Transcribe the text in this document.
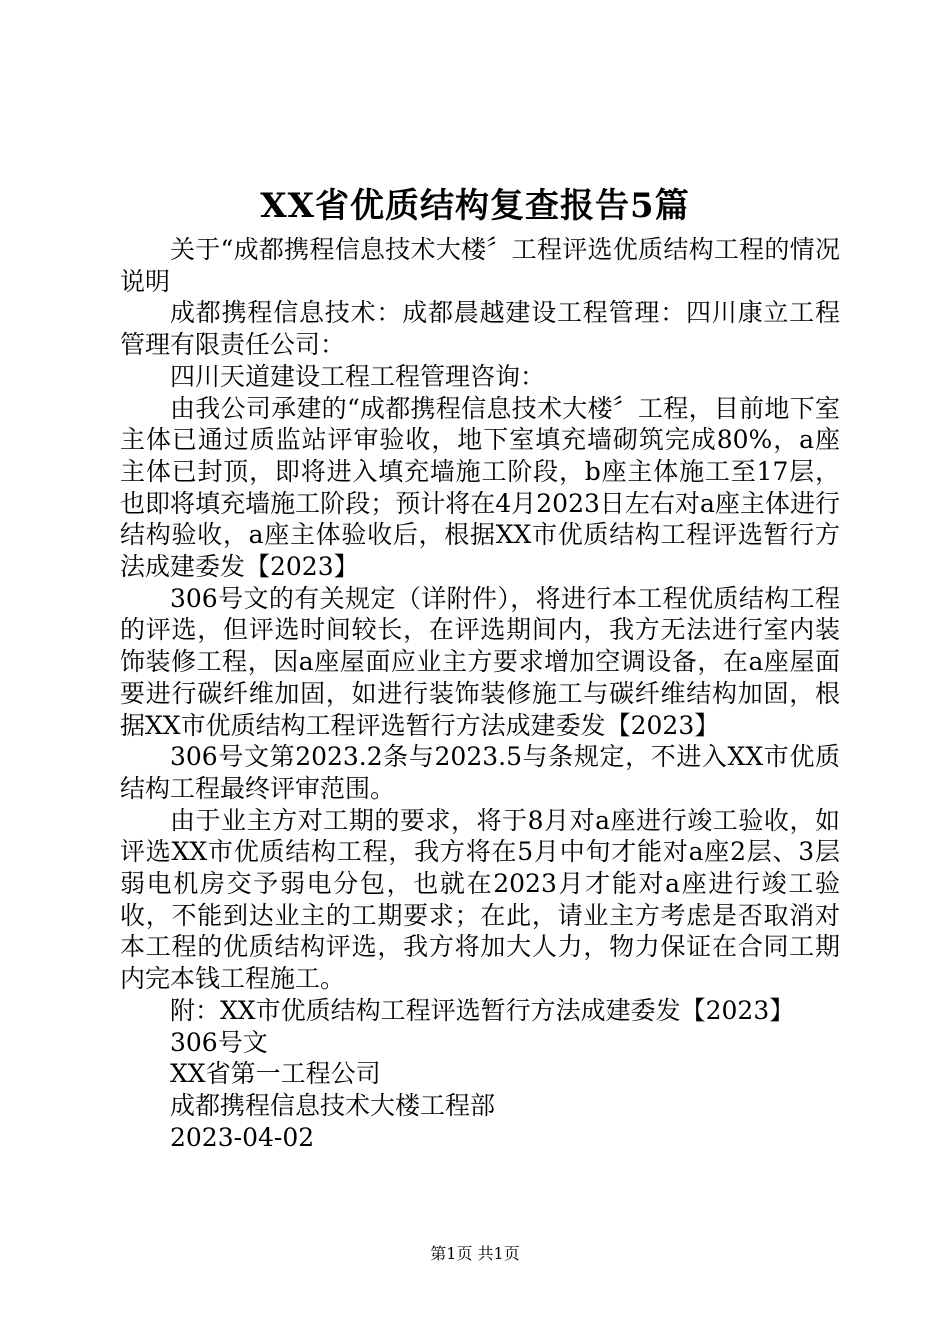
XX省优质结构复查报告5篇

关于“成都携程信息技术大楼〞工程评选优质结构工程的情况说明

成都携程信息技术：成都晨越建设工程管理：四川康立工程管理有限责任公司：

四川天道建设工程工程管理咨询：

由我公司承建的“成都携程信息技术大楼〞工程，目前地下室主体已通过质监站评审验收，地下室填充墙砌筑完成80%，a座主体已封顶，即将进入填充墙施工阶段，b座主体施工至17层，也即将填充墙施工阶段；预计将在4月2023日左右对a座主体进行结构验收，a座主体验收后，根据XX市优质结构工程评选暂行方法成建委发【2023】

306号文的有关规定（详附件），将进行本工程优质结构工程的评选，但评选时间较长，在评选期间内，我方无法进行室内装饰装修工程，因a座屋面应业主方要求增加空调设备，在a座屋面要进行碳纤维加固，如进行装饰装修施工与碳纤维结构加固，根据XX市优质结构工程评选暂行方法成建委发【2023】

306号文第2023.2条与2023.5与条规定，不进入XX市优质结构工程最终评审范围。

由于业主方对工期的要求，将于8月对a座进行竣工验收，如评选XX市优质结构工程，我方将在5月中旬才能对a座2层、3层弱电机房交予弱电分包，也就在2023月才能对a座进行竣工验收，不能到达业主的工期要求；在此，请业主方考虑是否取消对本工程的优质结构评选，我方将加大人力，物力保证在合同工期内完本钱工程施工。

附：XX市优质结构工程评选暂行方法成建委发【2023】

306号文

XX省第一工程公司

成都携程信息技术大楼工程部

2023-04-02

第1页 共1页
